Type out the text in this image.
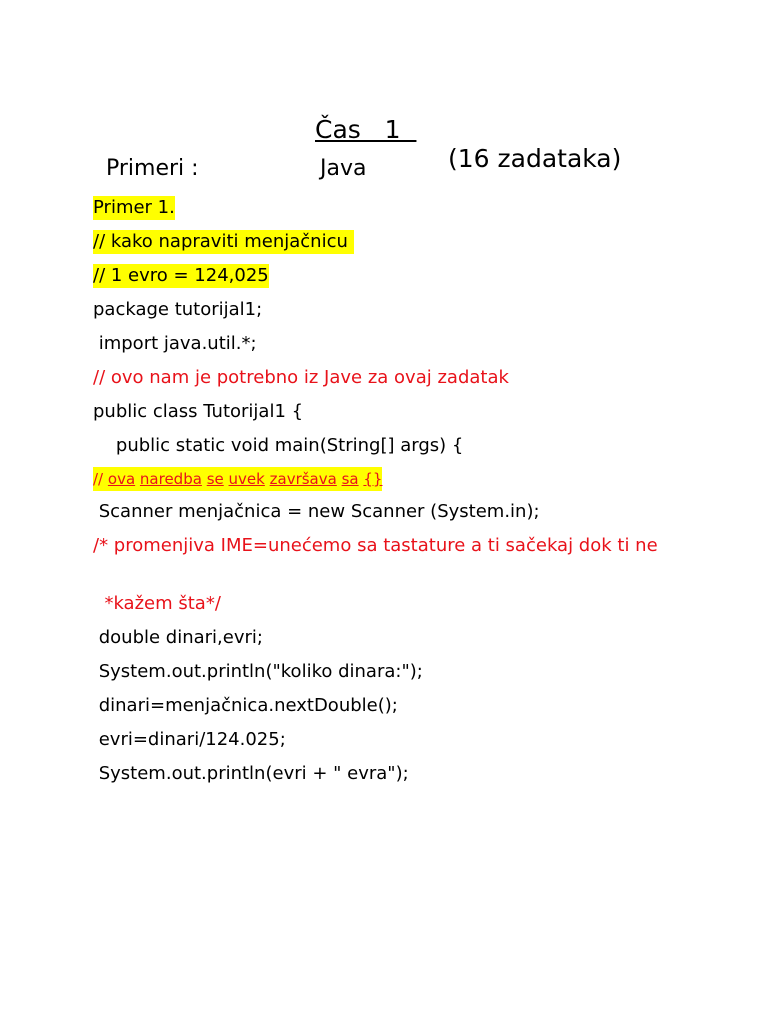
Čas   1

(16 zadataka)

Primeri :	Java
Primer 1.
// kako napraviti menjačnicu
// 1 evro = 124,025
package tutorijal1;
import java.util.*;
// ovo nam je potrebno iz Jave za ovaj zadatak
public class Tutorijal1 {
public static void main(String[] args) {
// ova naredba se uvek završava sa {}
Scanner menjačnica = new Scanner (System.in);
/* promenjiva IME=unećemo sa tastature a ti sačekaj dok ti ne
*kažem šta*/
double dinari,evri;
System.out.println("koliko dinara:");
dinari=menjačnica.nextDouble();
evri=dinari/124.025;
System.out.println(evri + " evra");
